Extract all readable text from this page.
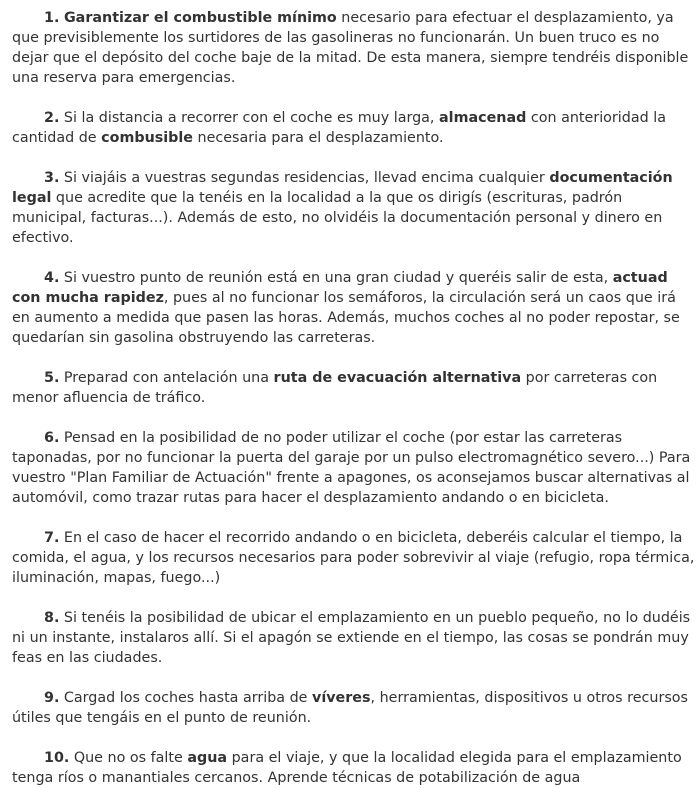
1. Garantizar el combustible mínimo necesario para efectuar el desplazamiento, ya que previsiblemente los surtidores de las gasolineras no funcionarán. Un buen truco es no dejar que el depósito del coche baje de la mitad. De esta manera, siempre tendréis disponible una reserva para emergencias.

2. Si la distancia a recorrer con el coche es muy larga, almacenad con anterioridad la cantidad de combusible necesaria para el desplazamiento.

3. Si viajáis a vuestras segundas residencias, llevad encima cualquier documentación legal que acredite que la tenéis en la localidad a la que os dirigís (escrituras, padrón municipal, facturas...). Además de esto, no olvidéis la documentación personal y dinero en efectivo.

4. Si vuestro punto de reunión está en una gran ciudad y queréis salir de esta, actuad con mucha rapidez, pues al no funcionar los semáforos, la circulación será un caos que irá en aumento a medida que pasen las horas. Además, muchos coches al no poder repostar, se quedarían sin gasolina obstruyendo las carreteras.

5. Preparad con antelación una ruta de evacuación alternativa por carreteras con menor afluencia de tráfico.

6. Pensad en la posibilidad de no poder utilizar el coche (por estar las carreteras taponadas, por no funcionar la puerta del garaje por un pulso electromagnético severo...) Para vuestro "Plan Familiar de Actuación" frente a apagones, os aconsejamos buscar alternativas al automóvil, como trazar rutas para hacer el desplazamiento andando o en bicicleta.

7. En el caso de hacer el recorrido andando o en bicicleta, deberéis calcular el tiempo, la comida, el agua, y los recursos necesarios para poder sobrevivir al viaje (refugio, ropa térmica, iluminación, mapas, fuego...)

8. Si tenéis la posibilidad de ubicar el emplazamiento en un pueblo pequeño, no lo dudéis ni un instante, instalaros allí. Si el apagón se extiende en el tiempo, las cosas se pondrán muy feas en las ciudades.

9. Cargad los coches hasta arriba de víveres, herramientas, dispositivos u otros recursos útiles que tengáis en el punto de reunión.

10. Que no os falte agua para el viaje, y que la localidad elegida para el emplazamiento tenga ríos o manantiales cercanos. Aprende técnicas de potabilización de agua
